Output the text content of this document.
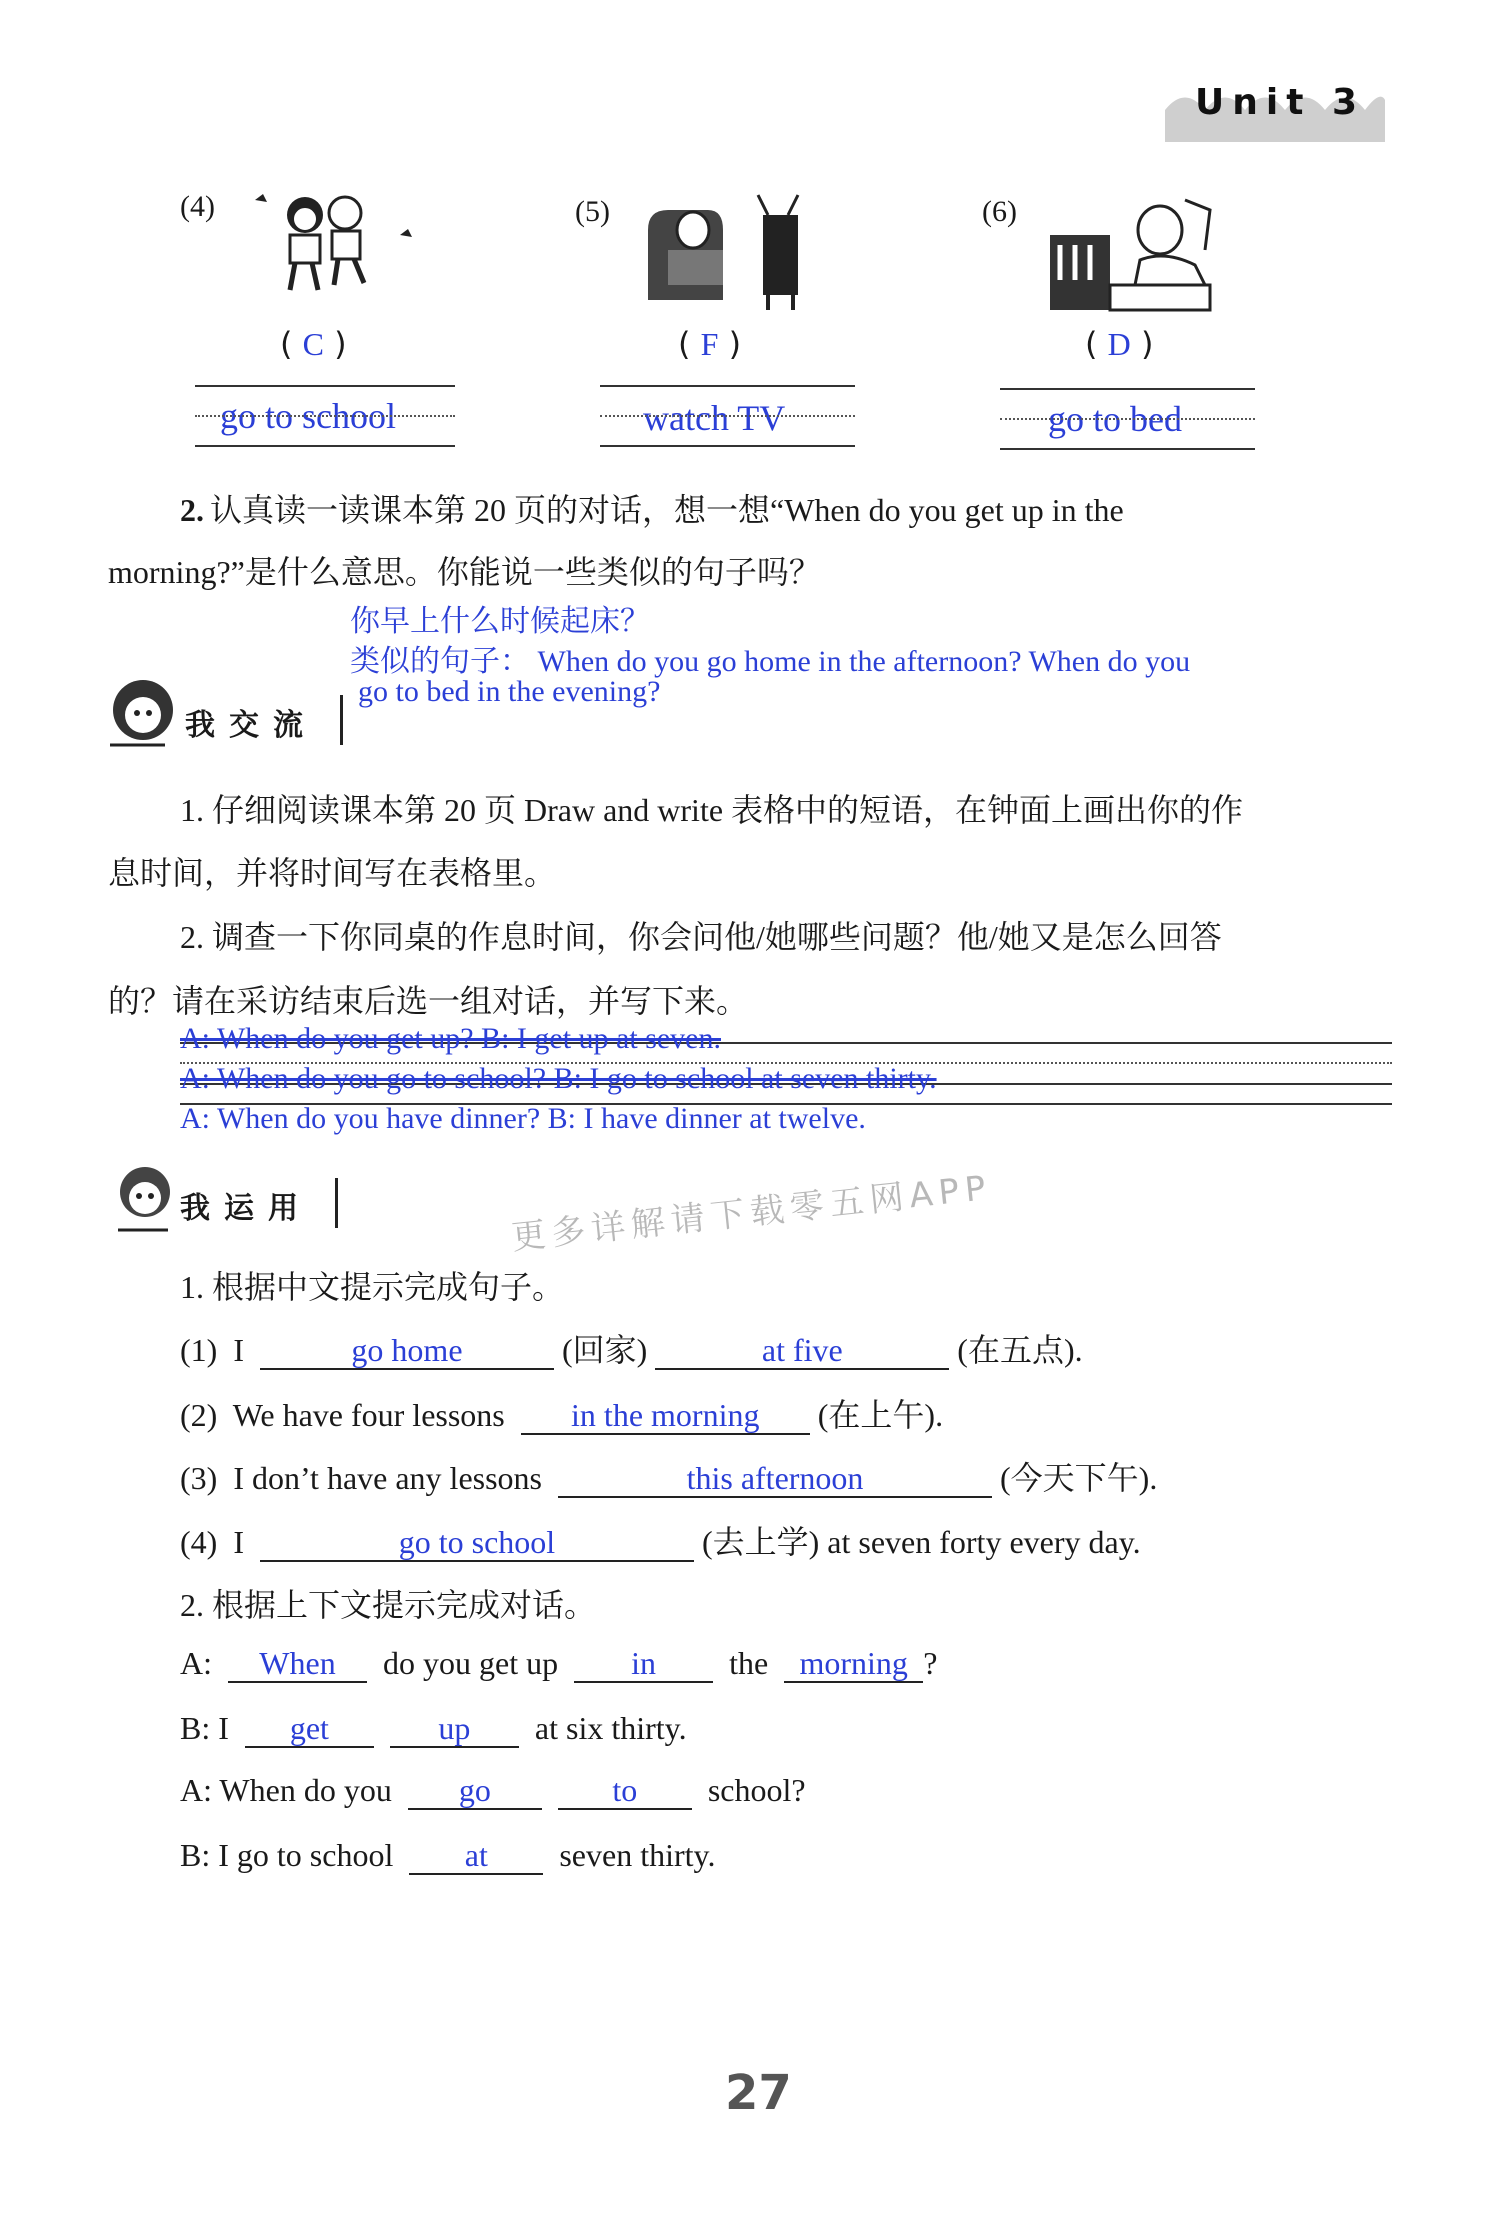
Unit 3
(4)
( C )
go to school
(5)
( F )
watch TV
(6)
( D )
go to bed
2. 认真读一读课本第 20 页的对话，想一想“When do you get up in the
morning?”是什么意思。你能说一些类似的句子吗？
你早上什么时候起床？
类似的句子： When do you go home in the afternoon? When do you
go to bed in the evening?
我交流
1. 仔细阅读课本第 20 页 Draw and write 表格中的短语，在钟面上画出你的作
息时间，并将时间写在表格里。
2. 调查一下你同桌的作息时间，你会问他/她哪些问题？他/她又是怎么回答
的？请在采访结束后选一组对话，并写下来。
A: When do you get up? B: I get up at seven.
A: When do you go to school? B: I go to school at seven thirty.
A: When do you have dinner? B: I have dinner at twelve.
我运用	更多详解请下载零五网APP
1. 根据中文提示完成句子。
(1) I	go home	(回家)	at five	(在五点).
(2) We have four lessons in the morning (在上午).
(3) I don’t have any lessons	this afternoon	(今天下午).
(4) I	go to school	(去上学) at seven forty every day.
2. 根据上下文提示完成对话。
A: When do you get up in the morning ?
B: I get	up at six thirty.
A: When do you go	to school?
B: I go to school at seven thirty.
27
